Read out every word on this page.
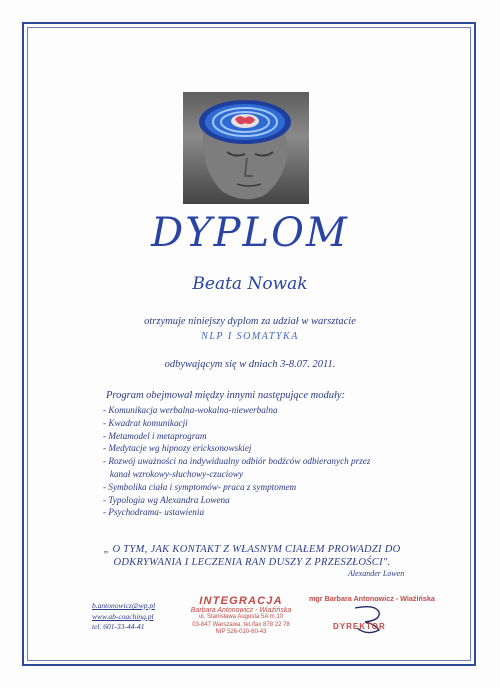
DYPLOM
Beata Nowak
otrzymuje niniejszy dyplom za udział w warsztacie
NLP I SOMATYKA
odbywającym się w dniach 3-8.07. 2011.
Program obejmował między innymi następujące moduły:
- Komunikacja werbalna-wokalna-niewerbalna
- Kwadrat komunikacji
- Metamodel i metaprogram
- Medytacje wg hipnozy ericksonowskiej
- Rozwój uważności na indywidualny odbiór bodźców odbieranych przez
kanał wzrokowy-słuchowy-czuciowy
- Symbolika ciała i symptomów- praca z symptomem
- Typologia wg Alexandra Lowena
- Psychodrama- ustawienia
„ O TYM, JAK KONTAKT Z WŁASNYM CIAŁEM PROWADZI DO
ODKRYWANIA I LECZENIA RAN DUSZY Z PRZESZŁOŚCI".
Alexander Lowen
b.antonowicz@wp.pl
www.ab-coaching.pl
tel. 601-33-44-41
INTEGRACJA
Barbara Antonowicz - Wiaźińska
ul. Stanisława Augusta 5A m.10
03-847 Warszawa, tel./fax 878 22 78
NIP 526-010-60-43
mgr Barbara Antonowicz - Wiaźińska
DYREKTOR
